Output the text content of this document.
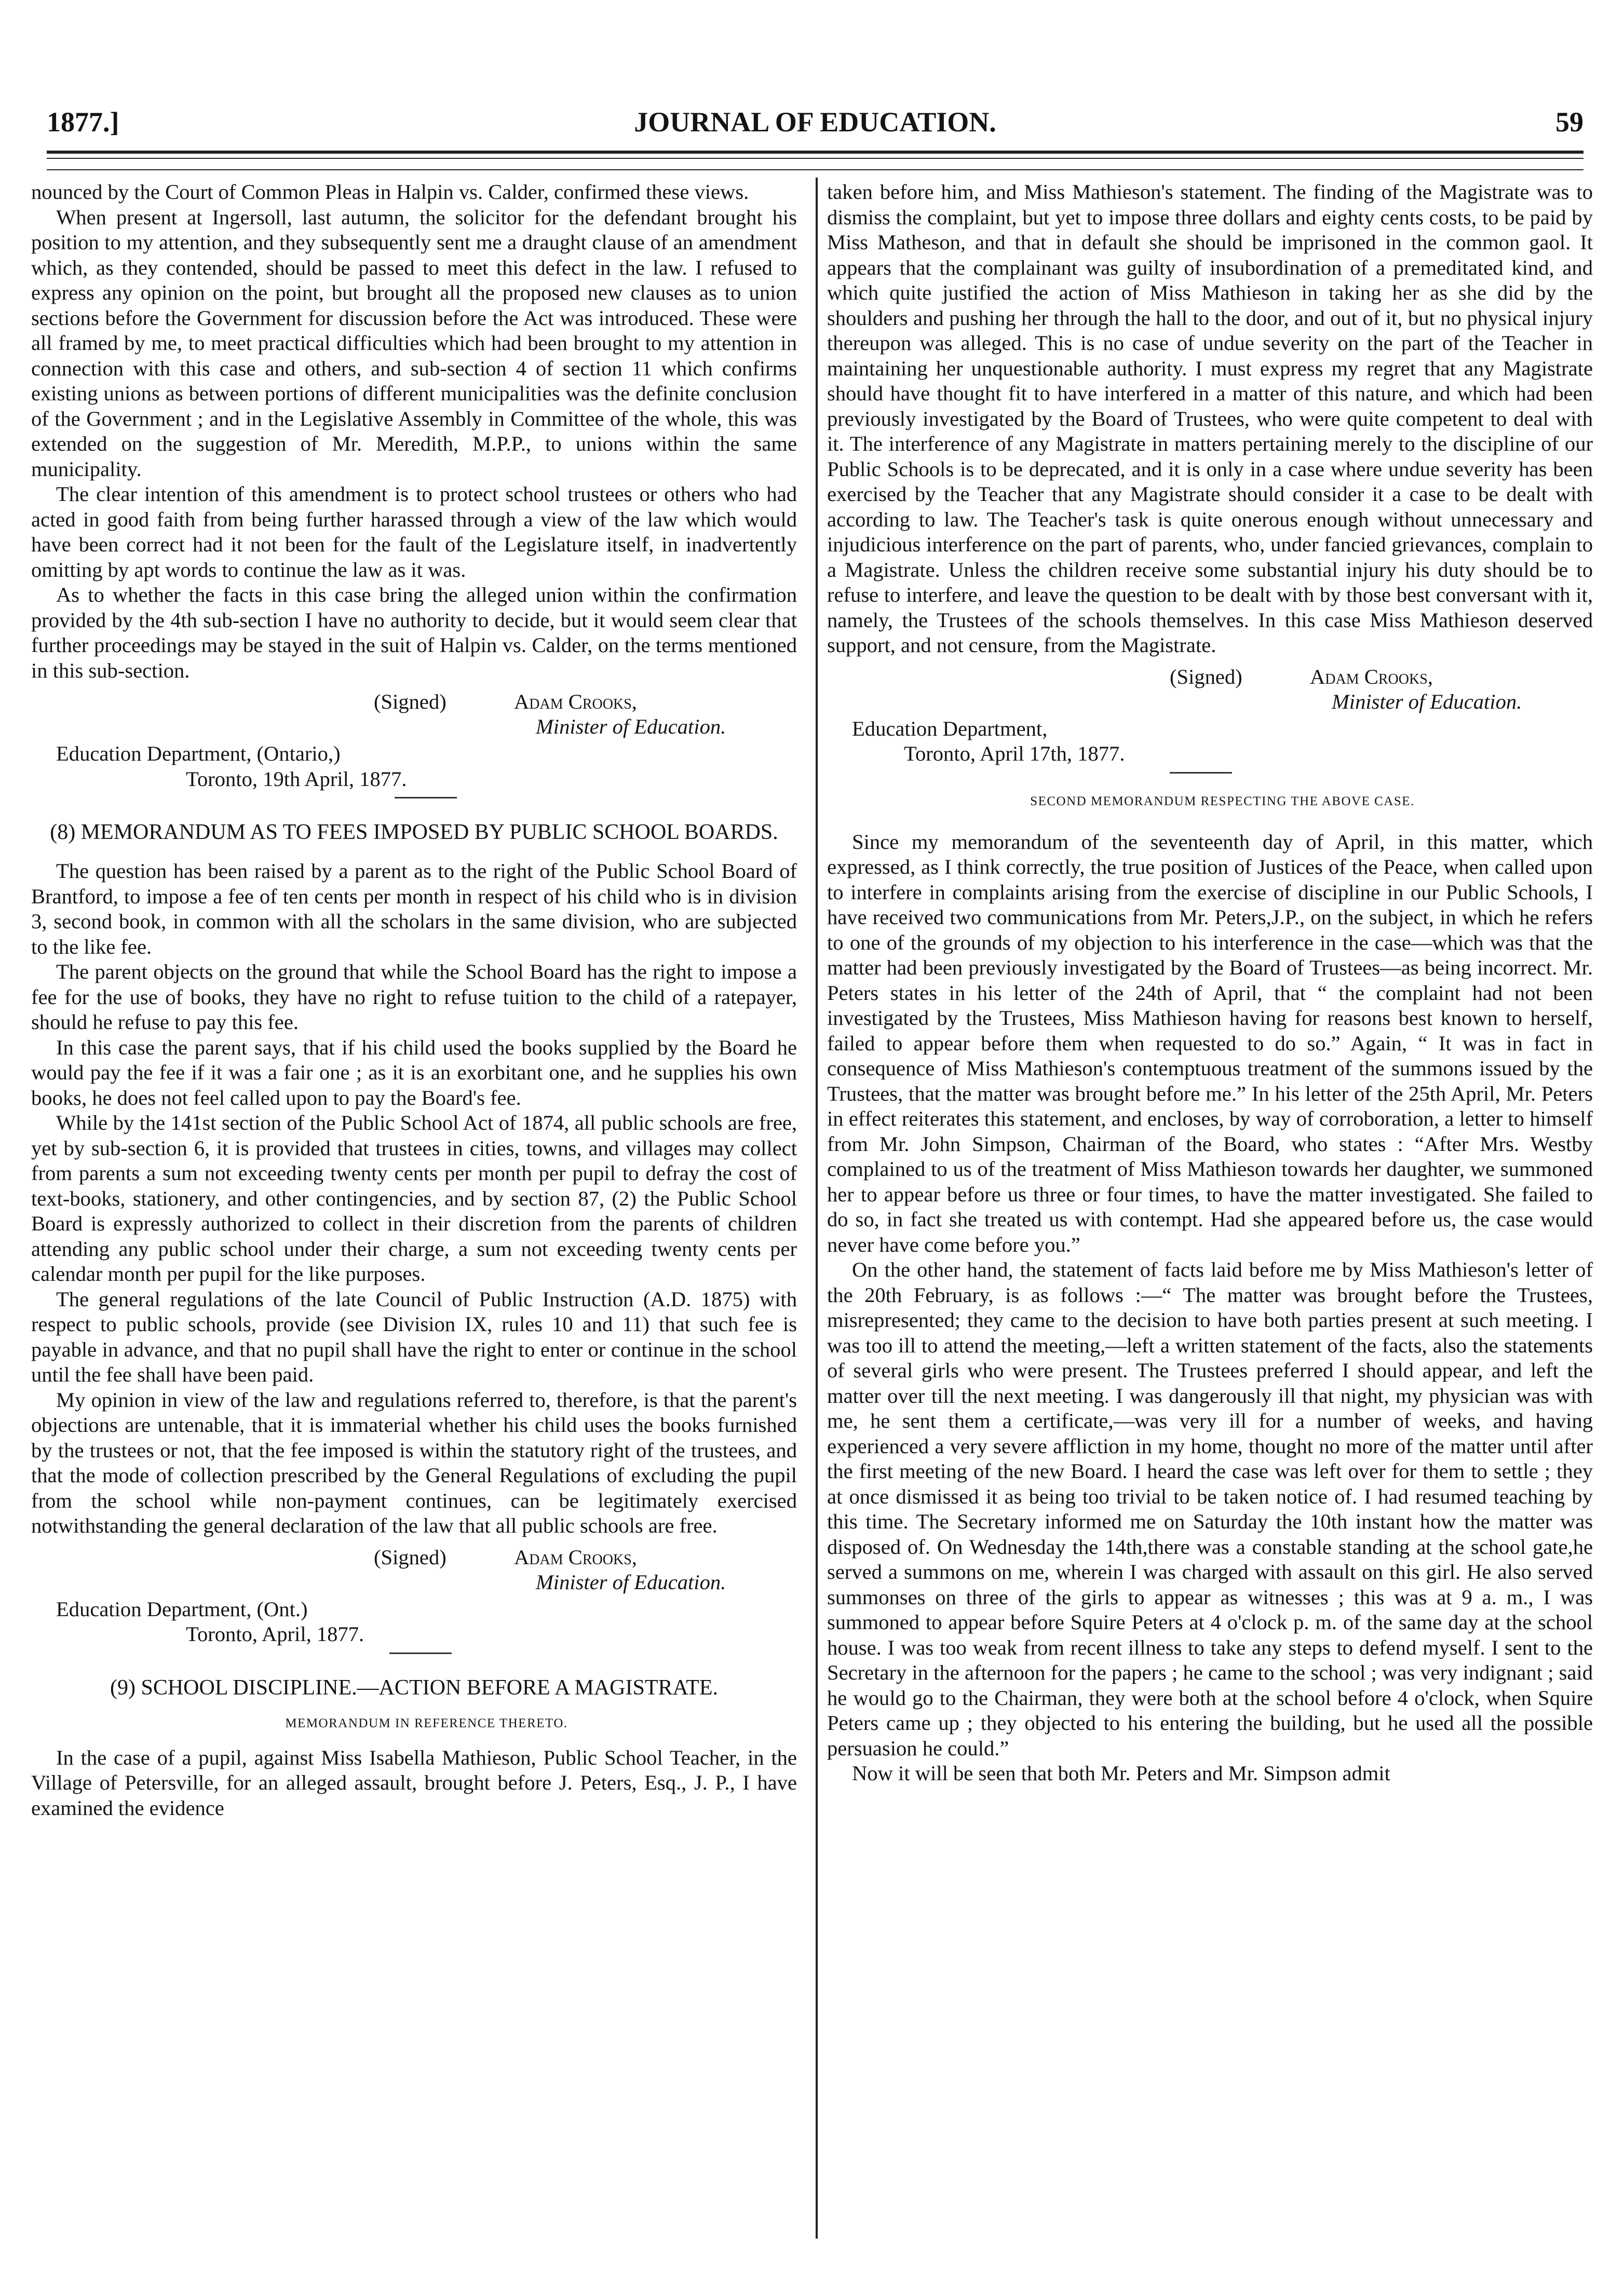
1877.]	JOURNAL OF EDUCATION.	59

nounced by the Court of Common Pleas in Halpin vs. Calder, confirmed these views.

When present at Ingersoll, last autumn, the solicitor for the defendant brought his position to my attention, and they subsequently sent me a draught clause of an amendment which, as they contended, should be passed to meet this defect in the law. I refused to express any opinion on the point, but brought all the proposed new clauses as to union sections before the Government for discussion before the Act was introduced. These were all framed by me, to meet practical difficulties which had been brought to my attention in connection with this case and others, and sub-section 4 of section 11 which confirms existing unions as between portions of different municipalities was the definite conclusion of the Government ; and in the Legislative Assembly in Committee of the whole, this was extended on the suggestion of Mr. Meredith, M.P.P., to unions within the same municipality.

The clear intention of this amendment is to protect school trustees or others who had acted in good faith from being further harassed through a view of the law which would have been correct had it not been for the fault of the Legislature itself, in inadvertently omitting by apt words to continue the law as it was.

As to whether the facts in this case bring the alleged union within the confirmation provided by the 4th sub-section I have no authority to decide, but it would seem clear that further proceedings may be stayed in the suit of Halpin vs. Calder, on the terms mentioned in this sub-section.

(Signed)	Adam Crooks,
Minister of Education.

Education Department, (Ontario,)

Toronto, 19th April, 1877.

(8) MEMORANDUM AS TO FEES IMPOSED BY PUBLIC SCHOOL BOARDS.

The question has been raised by a parent as to the right of the Public School Board of Brantford, to impose a fee of ten cents per month in respect of his child who is in division 3, second book, in common with all the scholars in the same division, who are subjected to the like fee.

The parent objects on the ground that while the School Board has the right to impose a fee for the use of books, they have no right to refuse tuition to the child of a ratepayer, should he refuse to pay this fee.

In this case the parent says, that if his child used the books supplied by the Board he would pay the fee if it was a fair one ; as it is an exorbitant one, and he supplies his own books, he does not feel called upon to pay the Board's fee.

While by the 141st section of the Public School Act of 1874, all public schools are free, yet by sub-section 6, it is provided that trustees in cities, towns, and villages may collect from parents a sum not exceeding twenty cents per month per pupil to defray the cost of text-books, stationery, and other contingencies, and by section 87, (2) the Public School Board is expressly authorized to collect in their discretion from the parents of children attending any public school under their charge, a sum not exceeding twenty cents per calendar month per pupil for the like purposes.

The general regulations of the late Council of Public Instruction (A.D. 1875) with respect to public schools, provide (see Division IX, rules 10 and 11) that such fee is payable in advance, and that no pupil shall have the right to enter or continue in the school until the fee shall have been paid.

My opinion in view of the law and regulations referred to, therefore, is that the parent's objections are untenable, that it is immaterial whether his child uses the books furnished by the trustees or not, that the fee imposed is within the statutory right of the trustees, and that the mode of collection prescribed by the General Regulations of excluding the pupil from the school while non-payment continues, can be legitimately exercised notwithstanding the general declaration of the law that all public schools are free.

(Signed)	Adam Crooks,
Minister of Education.

Education Department, (Ont.)

Toronto, April, 1877.

(9) SCHOOL DISCIPLINE.—ACTION BEFORE A MAGISTRATE.

MEMORANDUM IN REFERENCE THERETO.

In the case of a pupil, against Miss Isabella Mathieson, Public School Teacher, in the Village of Petersville, for an alleged assault, brought before J. Peters, Esq., J. P., I have examined the evidence

taken before him, and Miss Mathieson's statement. The finding of the Magistrate was to dismiss the complaint, but yet to impose three dollars and eighty cents costs, to be paid by Miss Matheson, and that in default she should be imprisoned in the common gaol. It appears that the complainant was guilty of insubordination of a premeditated kind, and which quite justified the action of Miss Mathieson in taking her as she did by the shoulders and pushing her through the hall to the door, and out of it, but no physical injury thereupon was alleged. This is no case of undue severity on the part of the Teacher in maintaining her unquestionable authority. I must express my regret that any Magistrate should have thought fit to have interfered in a matter of this nature, and which had been previously investigated by the Board of Trustees, who were quite competent to deal with it. The interference of any Magistrate in matters pertaining merely to the discipline of our Public Schools is to be deprecated, and it is only in a case where undue severity has been exercised by the Teacher that any Magistrate should consider it a case to be dealt with according to law. The Teacher's task is quite onerous enough without unnecessary and injudicious interference on the part of parents, who, under fancied grievances, complain to a Magistrate. Unless the children receive some substantial injury his duty should be to refuse to interfere, and leave the question to be dealt with by those best conversant with it, namely, the Trustees of the schools themselves. In this case Miss Mathieson deserved support, and not censure, from the Magistrate.

(Signed)	Adam Crooks,
Minister of Education.

Education Department,

Toronto, April 17th, 1877.

SECOND MEMORANDUM RESPECTING THE ABOVE CASE.

Since my memorandum of the seventeenth day of April, in this matter, which expressed, as I think correctly, the true position of Justices of the Peace, when called upon to interfere in complaints arising from the exercise of discipline in our Public Schools, I have received two communications from Mr. Peters,J.P., on the subject, in which he refers to one of the grounds of my objection to his interference in the case—which was that the matter had been previously investigated by the Board of Trustees—as being incorrect. Mr. Peters states in his letter of the 24th of April, that “ the complaint had not been investigated by the Trustees, Miss Mathieson having for reasons best known to herself, failed to appear before them when requested to do so.” Again, “ It was in fact in consequence of Miss Mathieson's contemptuous treatment of the summons issued by the Trustees, that the matter was brought before me.” In his letter of the 25th April, Mr. Peters in effect reiterates this statement, and encloses, by way of corroboration, a letter to himself from Mr. John Simpson, Chairman of the Board, who states : “After Mrs. Westby complained to us of the treatment of Miss Mathieson towards her daughter, we summoned her to appear before us three or four times, to have the matter investigated. She failed to do so, in fact she treated us with contempt. Had she appeared before us, the case would never have come before you.”

On the other hand, the statement of facts laid before me by Miss Mathieson's letter of the 20th February, is as follows :—“ The matter was brought before the Trustees, misrepresented; they came to the decision to have both parties present at such meeting. I was too ill to attend the meeting,—left a written statement of the facts, also the statements of several girls who were present. The Trustees preferred I should appear, and left the matter over till the next meeting. I was dangerously ill that night, my physician was with me, he sent them a certificate,—was very ill for a number of weeks, and having experienced a very severe affliction in my home, thought no more of the matter until after the first meeting of the new Board. I heard the case was left over for them to settle ; they at once dismissed it as being too trivial to be taken notice of. I had resumed teaching by this time. The Secretary informed me on Saturday the 10th instant how the matter was disposed of. On Wednesday the 14th,there was a constable standing at the school gate,he served a summons on me, wherein I was charged with assault on this girl. He also served summonses on three of the girls to appear as witnesses ; this was at 9 a. m., I was summoned to appear before Squire Peters at 4 o'clock p. m. of the same day at the school house. I was too weak from recent illness to take any steps to defend myself. I sent to the Secretary in the afternoon for the papers ; he came to the school ; was very indignant ; said he would go to the Chairman, they were both at the school before 4 o'clock, when Squire Peters came up ; they objected to his entering the building, but he used all the possible persuasion he could.”

Now it will be seen that both Mr. Peters and Mr. Simpson admit
